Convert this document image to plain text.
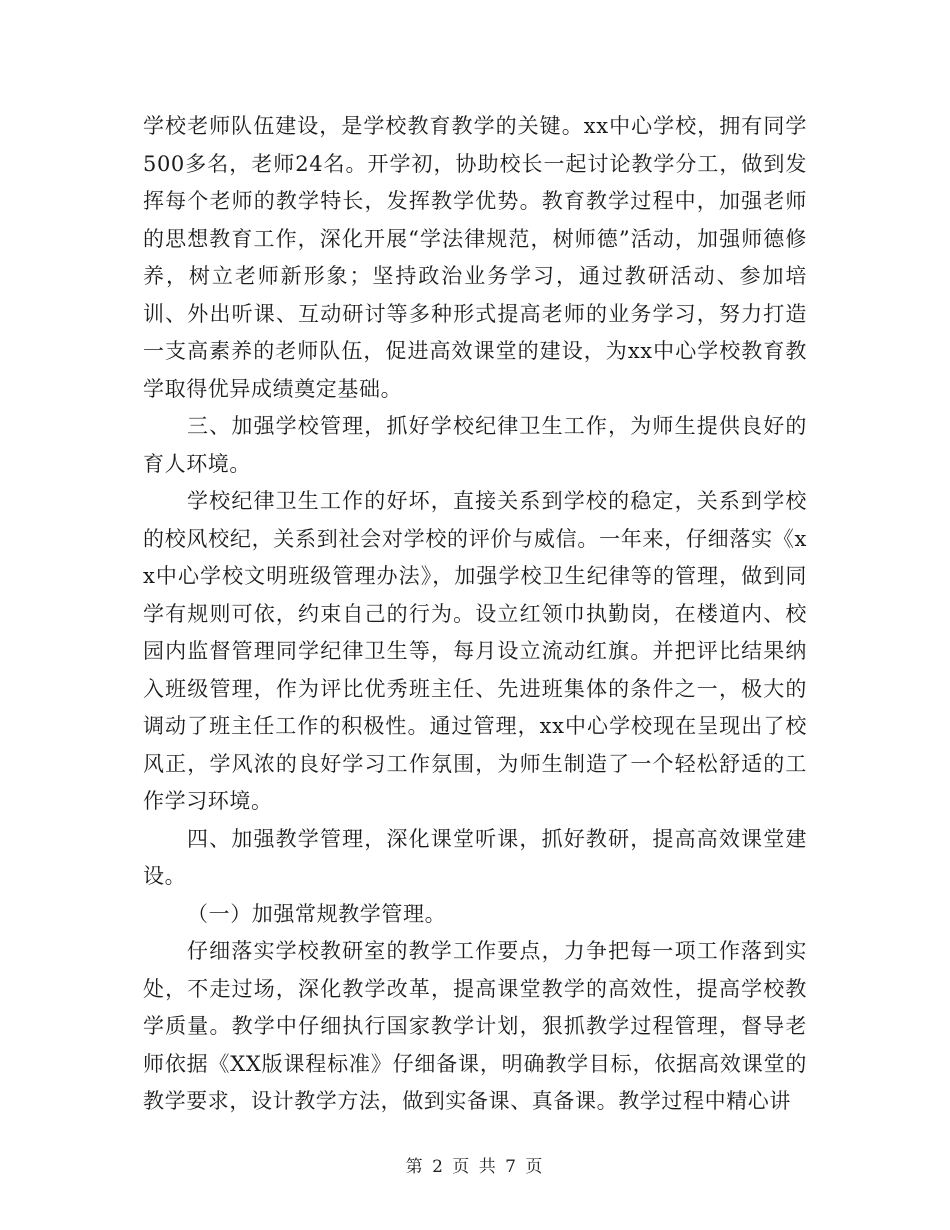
学校老师队伍建设，是学校教育教学的关键。xx中心学校，拥有同学500多名，老师24名。开学初，协助校长一起讨论教学分工，做到发挥每个老师的教学特长，发挥教学优势。教育教学过程中，加强老师的思想教育工作，深化开展“学法律规范，树师德”活动，加强师德修养，树立老师新形象；坚持政治业务学习，通过教研活动、参加培训、外出听课、互动研讨等多种形式提高老师的业务学习，努力打造一支高素养的老师队伍，促进高效课堂的建设，为xx中心学校教育教学取得优异成绩奠定基础。

三、加强学校管理，抓好学校纪律卫生工作，为师生提供良好的育人环境。

学校纪律卫生工作的好坏，直接关系到学校的稳定，关系到学校的校风校纪，关系到社会对学校的评价与威信。一年来，仔细落实《xx中心学校文明班级管理办法》，加强学校卫生纪律等的管理，做到同学有规则可依，约束自己的行为。设立红领巾执勤岗，在楼道内、校园内监督管理同学纪律卫生等，每月设立流动红旗。并把评比结果纳入班级管理，作为评比优秀班主任、先进班集体的条件之一，极大的调动了班主任工作的积极性。通过管理，xx中心学校现在呈现出了校风正，学风浓的良好学习工作氛围，为师生制造了一个轻松舒适的工作学习环境。

四、加强教学管理，深化课堂听课，抓好教研，提高高效课堂建设。

（一）加强常规教学管理。

仔细落实学校教研室的教学工作要点，力争把每一项工作落到实处，不走过场，深化教学改革，提高课堂教学的高效性，提高学校教学质量。教学中仔细执行国家教学计划，狠抓教学过程管理，督导老师依据《XX版课程标准》仔细备课，明确教学目标，依据高效课堂的教学要求，设计教学方法，做到实备课、真备课。教学过程中精心讲

第 2 页 共 7 页
